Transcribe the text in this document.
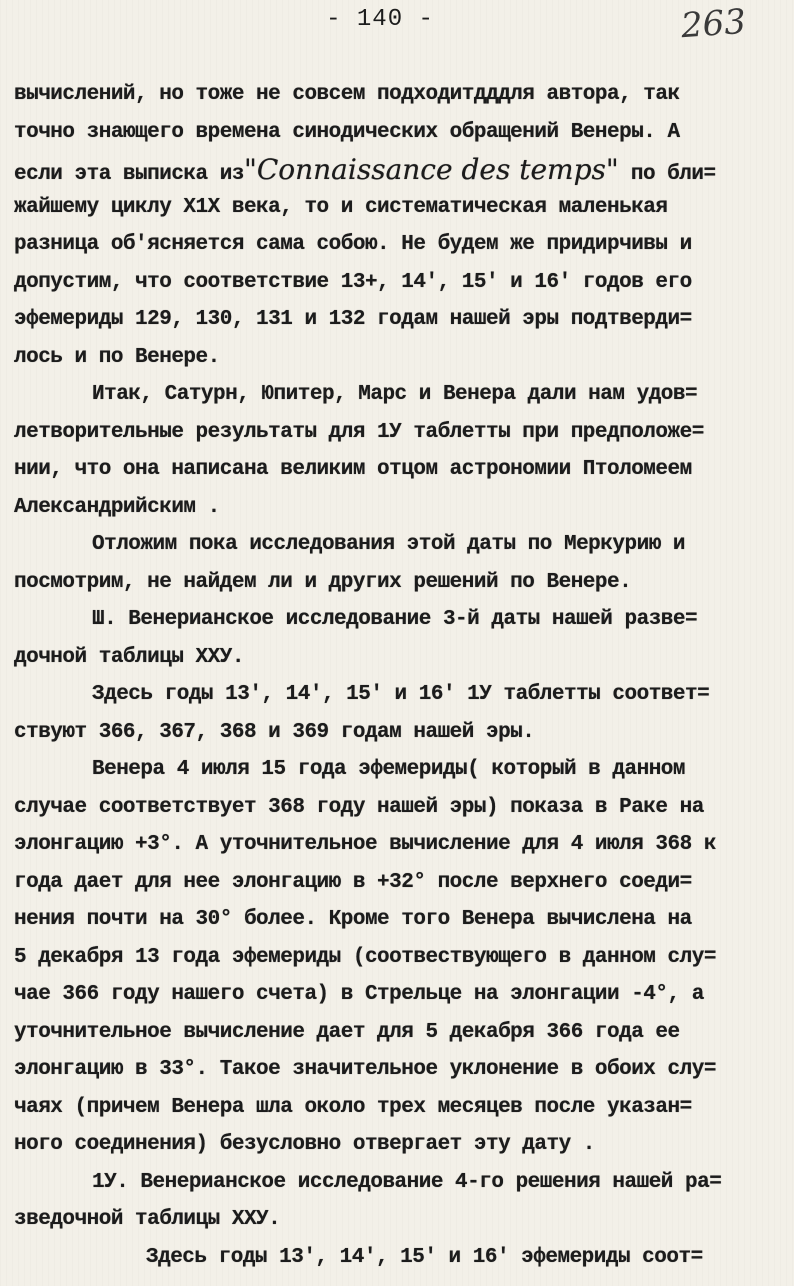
- 140 -	263
вычислений, но тоже не совсем подходитдддля автора, так
точно знающего времена синодических обращений Венеры. А
если эта выписка из"Connaissance des temps" по бли=
жайшему циклу Х1Х века, то и систематическая маленькая
разница об'ясняется сама собою. Не будем же придирчивы и
допустим, что соответствие 13+, 14', 15' и 16' годов его
эфемериды 129, 130, 131 и 132 годам нашей эры подтверди=
лось и по Венере.
Итак, Сатурн, Юпитер, Марс и Венера дали нам удов=
летворительные результаты для 1У таблетты при предположе=
нии, что она написана великим отцом астрономии Птоломеем
Александрийским .
Отложим пока исследования этой даты по Меркурию и
посмотрим, не найдем ли и других решений по Венере.
Ш. Венерианское исследование 3-й даты нашей разве=
дочной таблицы ХХУ.
Здесь годы 13', 14', 15' и 16' 1У таблетты соответ=
ствуют 366, 367, 368 и 369 годам нашей эры.
Венера 4 июля 15 года эфемериды( который в данном
случае соответствует 368 году нашей эры) показа в Раке на
элонгацию +3°. А уточнительное вычисление для 4 июля 368 к
года дает для нее элонгацию в +32° после верхнего соеди=
нения почти на 30° более. Кроме того Венера вычислена на
5 декабря 13 года эфемериды (соотвествующего в данном слу=
чае 366 году нашего счета) в Стрельце на элонгации -4°, а
уточнительное вычисление дает для 5 декабря 366 года ее
элонгацию в 33°. Такое значительное уклонение в обоих слу=
чаях (причем Венера шла около трех месяцев после указан=
ного соединения) безусловно отвергает эту дату .
1У. Венерианское исследование 4-го решения нашей ра=
зведочной таблицы ХХУ.
Здесь годы 13', 14', 15' и 16' эфемериды соот=
